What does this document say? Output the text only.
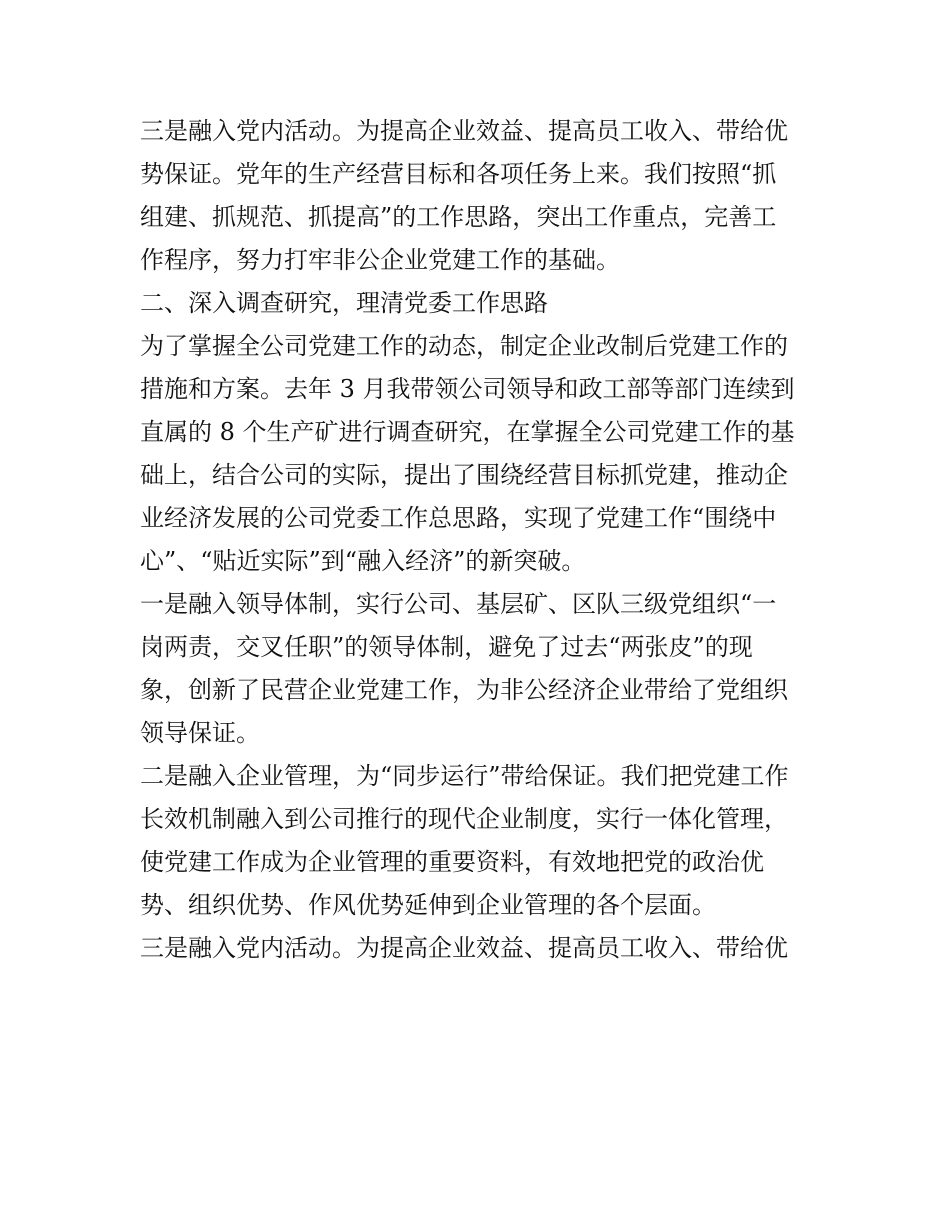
三是融入党内活动。为提高企业效益、提高员工收入、带给优
势保证。党年的生产经营目标和各项任务上来。我们按照“抓
组建、抓规范、抓提高”的工作思路，突出工作重点，完善工
作程序，努力打牢非公企业党建工作的基础。
二、深入调查研究，理清党委工作思路
为了掌握全公司党建工作的动态，制定企业改制后党建工作的
措施和方案。去年 3 月我带领公司领导和政工部等部门连续到
直属的 8 个生产矿进行调查研究，在掌握全公司党建工作的基
础上，结合公司的实际，提出了围绕经营目标抓党建，推动企
业经济发展的公司党委工作总思路，实现了党建工作“围绕中
心”、“贴近实际”到“融入经济”的新突破。
一是融入领导体制，实行公司、基层矿、区队三级党组织“一
岗两责，交叉任职”的领导体制，避免了过去“两张皮”的现
象，创新了民营企业党建工作，为非公经济企业带给了党组织
领导保证。
二是融入企业管理，为“同步运行”带给保证。我们把党建工作
长效机制融入到公司推行的现代企业制度，实行一体化管理，
使党建工作成为企业管理的重要资料，有效地把党的政治优
势、组织优势、作风优势延伸到企业管理的各个层面。
三是融入党内活动。为提高企业效益、提高员工收入、带给优
